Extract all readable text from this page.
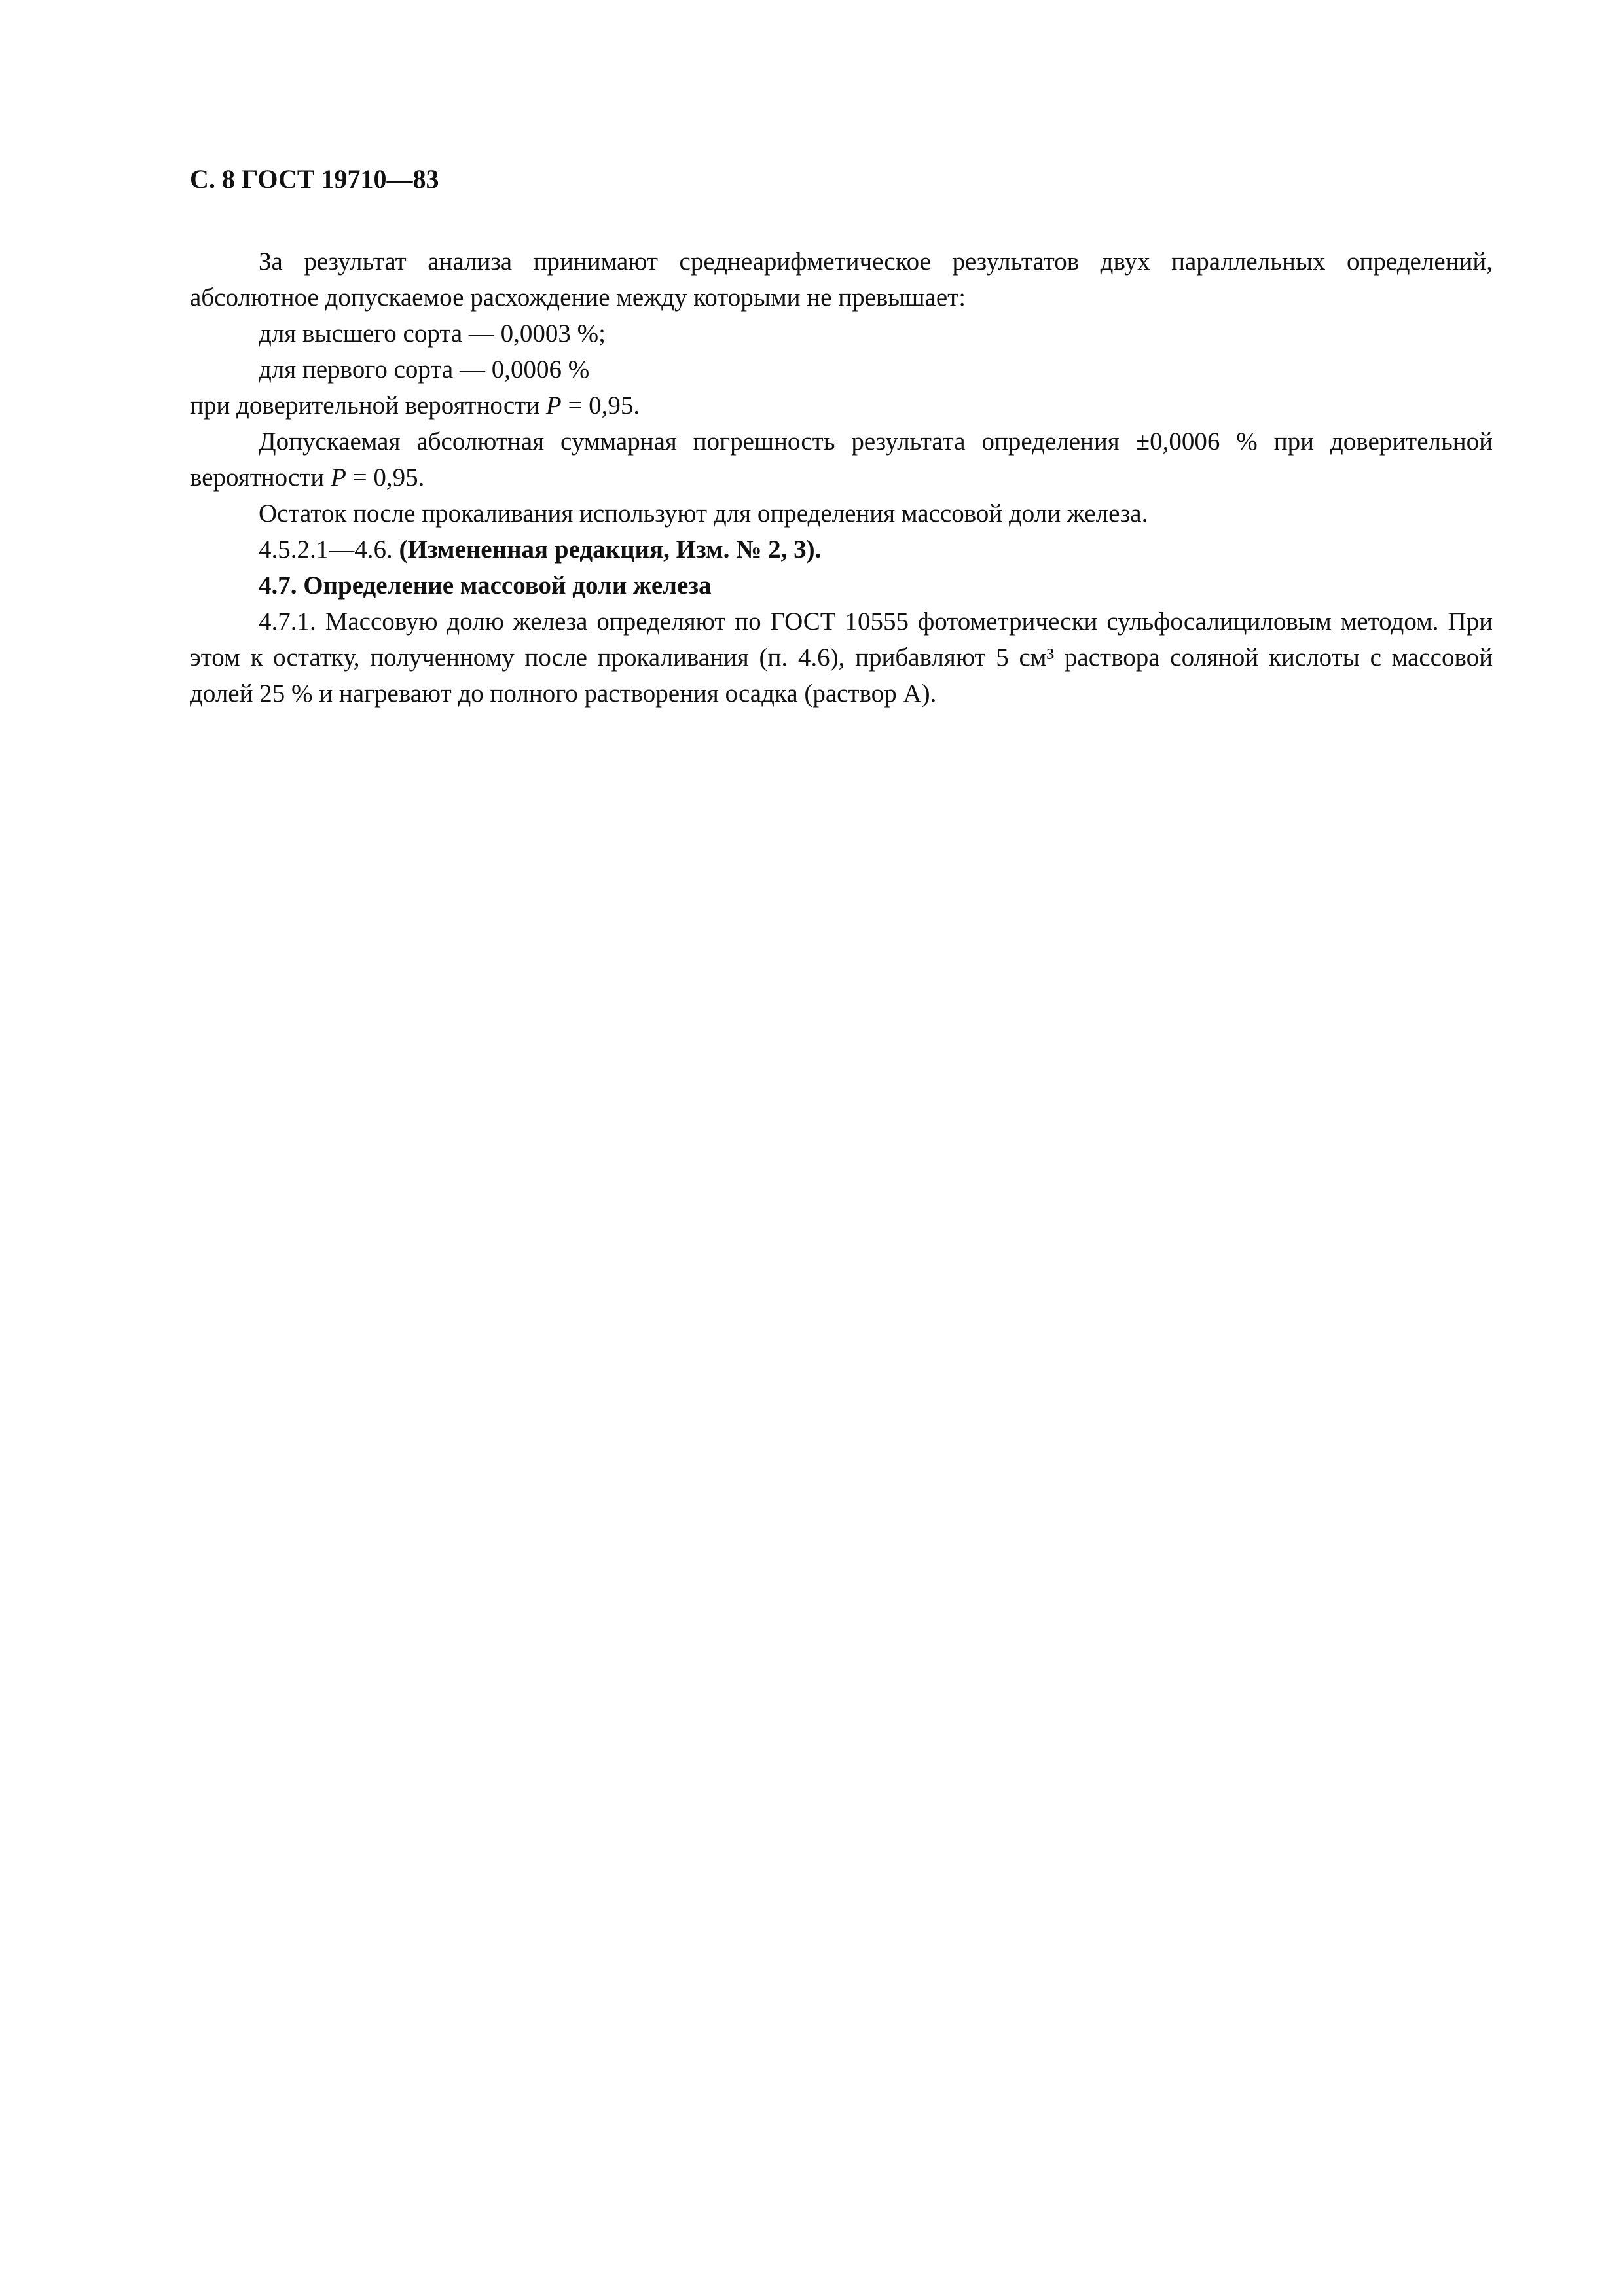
С. 8 ГОСТ 19710—83

За результат анализа принимают среднеарифметическое результатов двух параллельных определений, абсолютное допускаемое расхождение между которыми не превышает:

для высшего сорта — 0,0003 %;

для первого сорта — 0,0006 %

при доверительной вероятности P = 0,95.

Допускаемая абсолютная суммарная погрешность результата определения ±0,0006 % при доверительной вероятности P = 0,95.

Остаток после прокаливания используют для определения массовой доли железа.

4.5.2.1—4.6. (Измененная редакция, Изм. № 2, 3).

4.7. Определение массовой доли железа

4.7.1. Массовую долю железа определяют по ГОСТ 10555 фотометрически сульфосалициловым методом. При этом к остатку, полученному после прокаливания (п. 4.6), прибавляют 5 см³ раствора соляной кислоты с массовой долей 25 % и нагревают до полного растворения осадка (раствор А).
